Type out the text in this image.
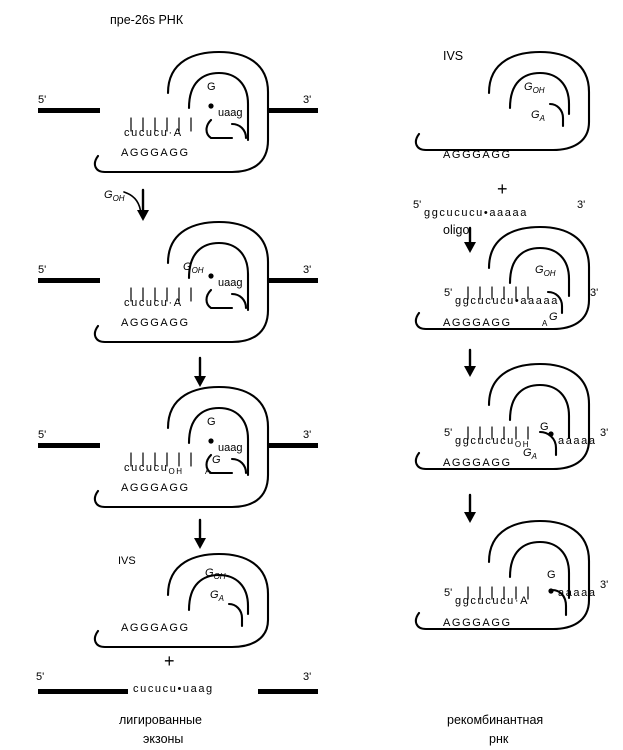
пре-26s РНК
5'	3'
G
uaag
cucucu·A
AGGGAGG
$G_{OH}$
5'	3'
$G_{OH}$
uaag
cucucu·A
AGGGAGG
5'	3'
G
uaag
cucucu$_{OH}$
G
A
AGGGAGG
IVS
$G_{OH}$
$G_A$
AGGGAGG
+
5'	3'
cucucu•uaag
лигированные
экзоны
IVS
$G_{OH}$
$G_A$
AGGGAGG
+
5'
ggcucucu•aaaaa
3'
oligo
$G_{OH}$
5'
ggcucucu•aaaaa
3'
AGGGAGG	A
G
G
$G_A$
5'
ggcucucu$_{OH}$	aaaaa
3'
AGGGAGG
G
5'
ggcucucu·A
aaaaa
3'
AGGGAGG
рекомбинантная
рнк
